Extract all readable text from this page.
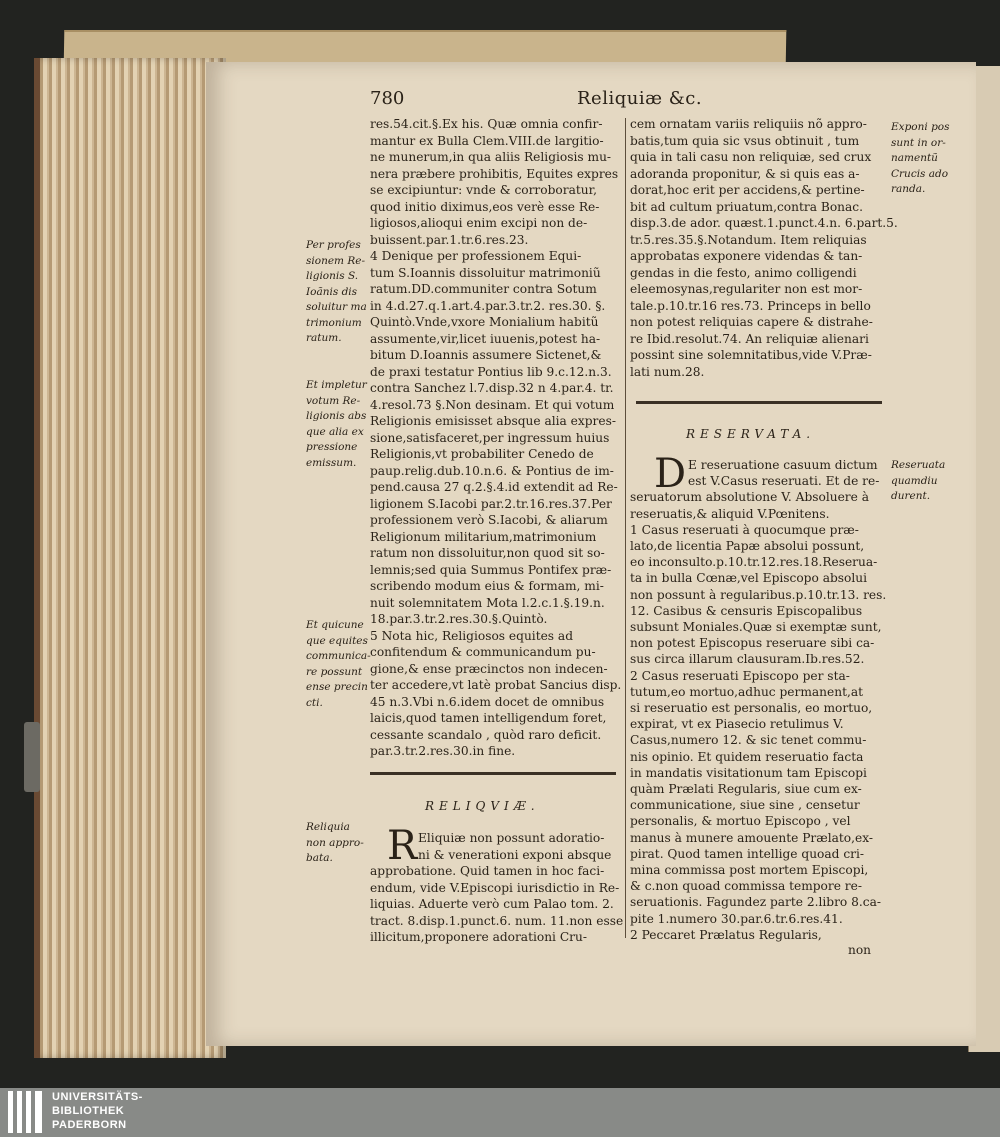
780	Reliquiæ &c.
res.54.cit.§.Ex his. Quæ omnia confir-
mantur ex Bulla Clem.VIII.de largitio-
ne munerum,in qua aliis Religiosis mu-
nera præbere prohibitis, Equites expres
se excipiuntur: vnde & corroboratur,
quod initio diximus,eos verè esse Re-
ligiosos,alioqui enim excipi non de-
buissent.par.1.tr.6.res.23.
4 Denique per professionem Equi-
tum S.Ioannis dissoluitur matrimoniũ
ratum.DD.communiter contra Sotum
in 4.d.27.q.1.art.4.par.3.tr.2. res.30. §.
Quintò.Vnde,vxore Monialium habitũ
assumente,vir,licet iuuenis,potest ha-
bitum D.Ioannis assumere Sictenet,&
de praxi testatur Pontius lib 9.c.12.n.3.
contra Sanchez l.7.disp.32 n 4.par.4. tr.
4.resol.73 §.Non desinam. Et qui votum
Religionis emisisset absque alia expres-
sione,satisfaceret,per ingressum huius
Religionis,vt probabiliter Cenedo de
paup.relig.dub.10.n.6. & Pontius de im-
pend.causa 27 q.2.§.4.id extendit ad Re-
ligionem S.Iacobi par.2.tr.16.res.37.Per
professionem verò S.Iacobi, & aliarum
Religionum militarium,matrimonium
ratum non dissoluitur,non quod sit so-
lemnis;sed quia Summus Pontifex præ-
scribendo modum eius & formam, mi-
nuit solemnitatem Mota l.2.c.1.§.19.n.
18.par.3.tr.2.res.30.§.Quintò.
5 Nota hic, Religiosos equites ad
confitendum & communicandum pu-
gione,& ense præcinctos non indecen-
ter accedere,vt latè probat Sancius disp.
45 n.3.Vbi n.6.idem docet de omnibus
laicis,quod tamen intelligendum foret,
cessante scandalo , quòd raro deficit.
par.3.tr.2.res.30.in fine.
Per profes
sionem Re-
ligionis S.
Ioãnis dis
soluitur ma
trimonium
ratum.
Et impletur
votum Re-
ligionis abs
que alia ex
pressione
emissum.
Et quicune
que equites
communica-
re possunt
ense precin
cti.
Reliquia
non appro-
bata.
cem ornatam variis reliquiis nõ appro-
batis,tum quia sic vsus obtinuit , tum
quia in tali casu non reliquiæ, sed crux
adoranda proponitur, & si quis eas a-
dorat,hoc erit per accidens,& pertine-
bit ad cultum priuatum,contra Bonac.
disp.3.de ador. quæst.1.punct.4.n. 6.part.5.
tr.5.res.35.§.Notandum. Item reliquias
approbatas exponere videndas & tan-
gendas in die festo, animo colligendi
eleemosynas,regulariter non est mor-
tale.p.10.tr.16 res.73. Princeps in bello
non potest reliquias capere & distrahe-
re Ibid.resolut.74. An reliquiæ alienari
possint sine solemnitatibus,vide V.Præ-
lati num.28.
Exponi pos
sunt in or-
namentũ
Crucis ado
randa.
Reseruata
quamdiu
durent.
RELIQVIÆ.
RESERVATA.
R
D
Eliquiæ non possunt adoratio-
ni & venerationi exponi absque
approbatione. Quid tamen in hoc faci-
endum, vide V.Episcopi iurisdictio in Re-
liquias. Aduerte verò cum Palao tom. 2.
tract. 8.disp.1.punct.6. num. 11.non esse
illicitum,proponere adorationi Cru-
E reseruatione casuum dictum
est V.Casus reseruati. Et de re-
seruatorum absolutione V. Absoluere à
reseruatis,& aliquid V.Pœnitens.
1 Casus reseruati à quocumque præ-
lato,de licentia Papæ absolui possunt,
eo inconsulto.p.10.tr.12.res.18.Reserua-
ta in bulla Cœnæ,vel Episcopo absolui
non possunt à regularibus.p.10.tr.13. res.
12. Casibus & censuris Episcopalibus
subsunt Moniales.Quæ si exemptæ sunt,
non potest Episcopus reseruare sibi ca-
sus circa illarum clausuram.Ib.res.52.
2 Casus reseruati Episcopo per sta-
tutum,eo mortuo,adhuc permanent,at
si reseruatio est personalis, eo mortuo,
expirat, vt ex Piasecio retulimus V.
Casus,numero 12. & sic tenet commu-
nis opinio. Et quidem reseruatio facta
in mandatis visitationum tam Episcopi
quàm Prælati Regularis, siue cum ex-
communicatione, siue sine , censetur
personalis, & mortuo Episcopo , vel
manus à munere amouente Prælato,ex-
pirat. Quod tamen intellige quoad cri-
mina commissa post mortem Episcopi,
& c.non quoad commissa tempore re-
seruationis. Fagundez parte 2.libro 8.ca-
pite 1.numero 30.par.6.tr.6.res.41.
2 Peccaret Prælatus Regularis,
non
UNIVERSITÄTS-
BIBLIOTHEK
PADERBORN
